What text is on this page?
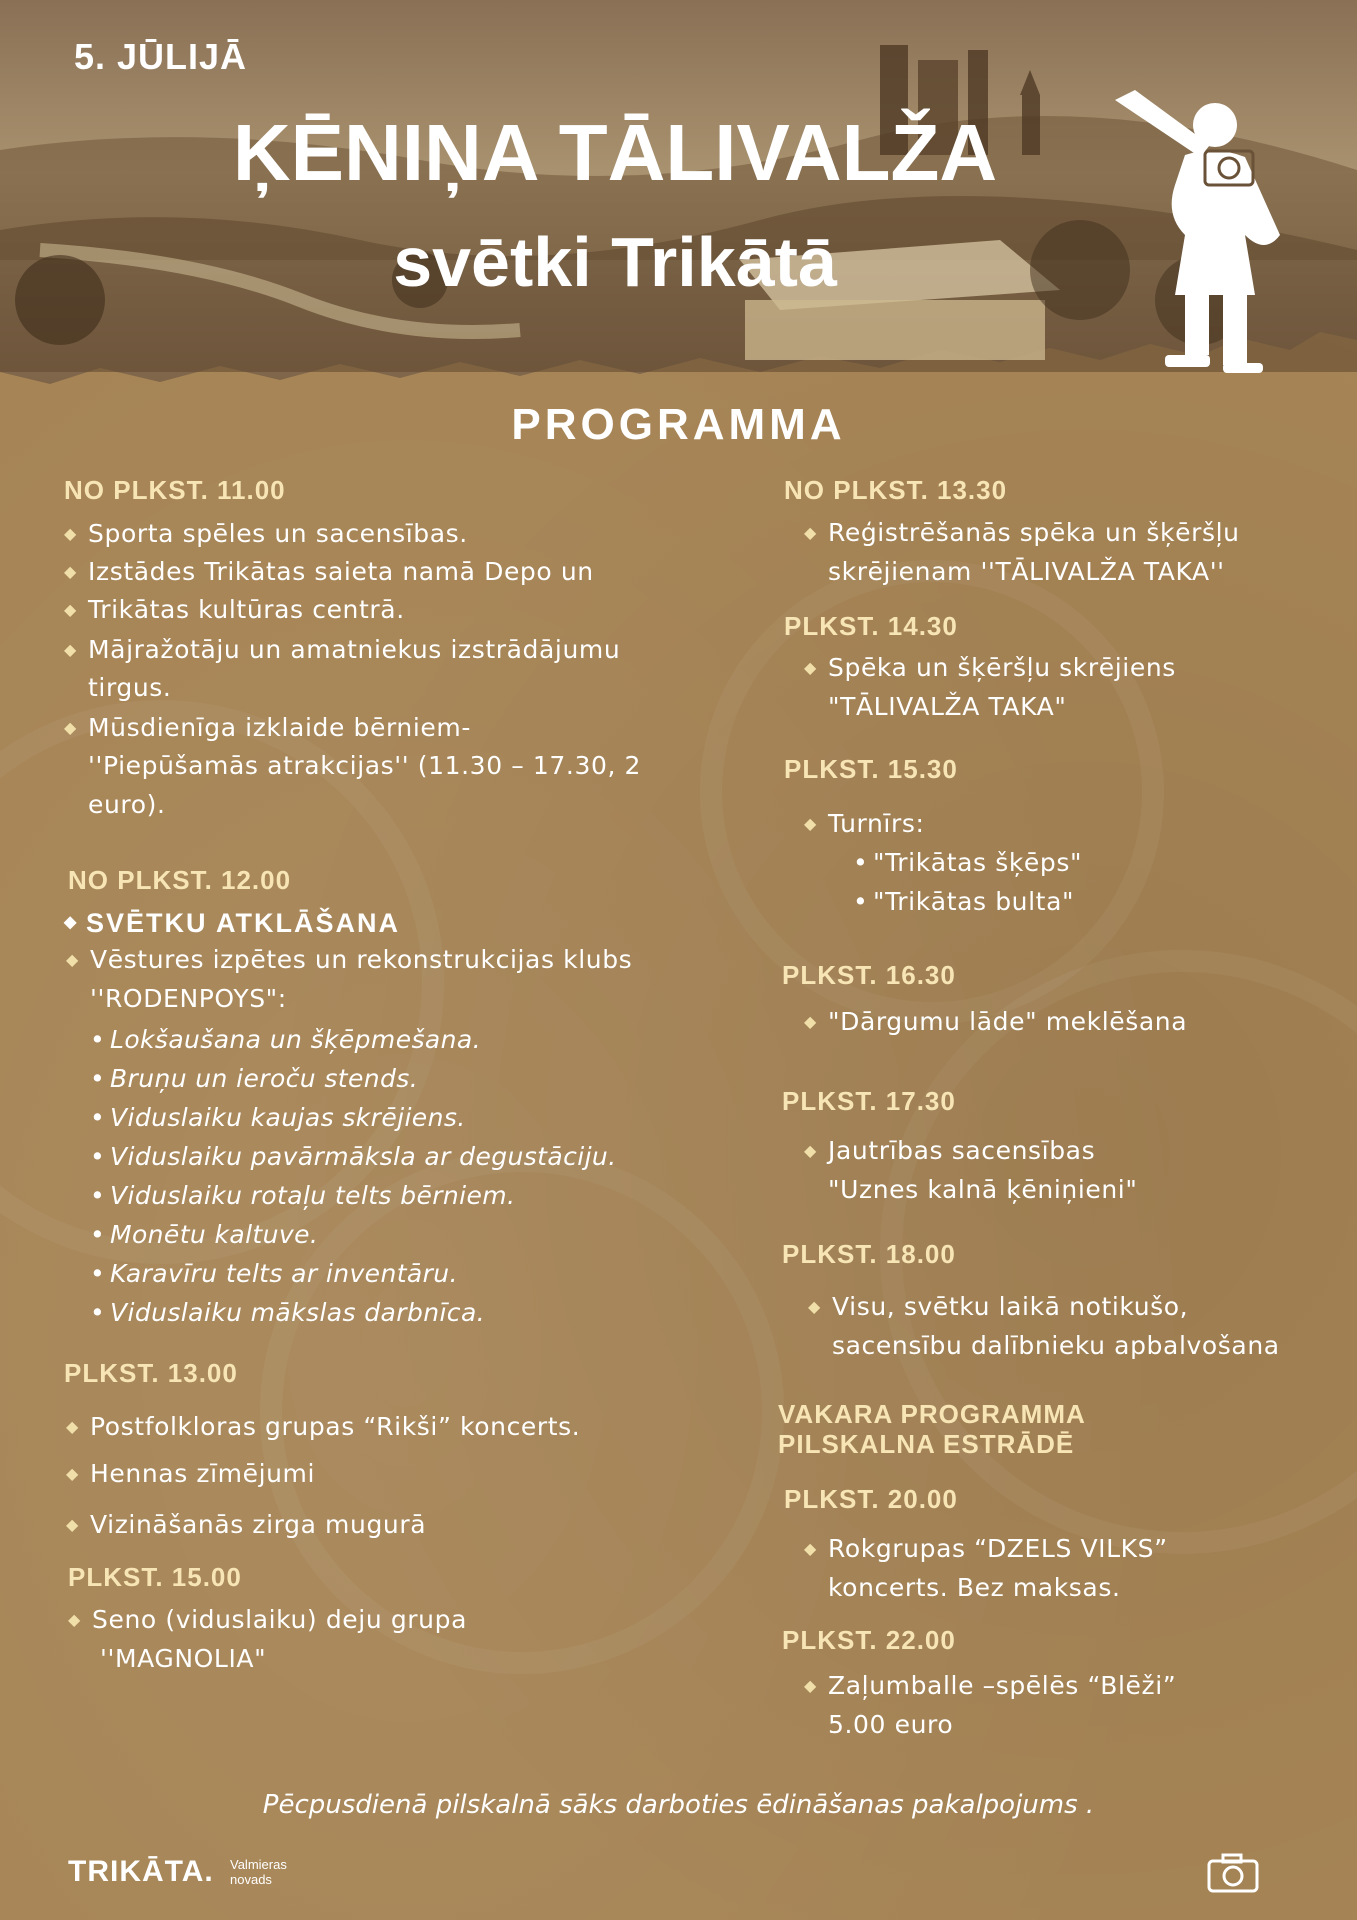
5. JŪLIJĀ
ĶĒNIŅA TĀLIVALŽA
svētki Trikātā
PROGRAMMA
NO PLKST. 11.00
◆ Sporta spēles un sacensības.
◆ Izstādes Trikātas saieta namā Depo un
◆ Trikātas kultūras centrā.
◆ Mājražotāju un amatniekus izstrādājumu
tirgus.
◆ Mūsdienīga izklaide bērniem-
''Piepūšamās atrakcijas'' (11.30 – 17.30, 2
euro).
NO PLKST. 12.00
◆ SVĒTKU ATKLĀŠANA
◆ Vēstures izpētes un rekonstrukcijas klubs
''RODENPOYS":
• Lokšaušana un šķēpmešana.
• Bruņu un ieroču stends.
• Viduslaiku kaujas skrējiens.
• Viduslaiku pavārmāksla ar degustāciju.
• Viduslaiku rotaļu telts bērniem.
• Monētu kaltuve.
• Karavīru telts ar inventāru.
• Viduslaiku mākslas darbnīca.
PLKST. 13.00
◆ Postfolkloras grupas “Rikši” koncerts.
◆ Hennas zīmējumi
◆ Vizināšanās zirga mugurā
PLKST. 15.00
◆ Seno (viduslaiku) deju grupa
''MAGNOLIA"
NO PLKST. 13.30
◆ Reģistrēšanās spēka un šķēršļu
skrējienam ''TĀLIVALŽA TAKA''
PLKST. 14.30
◆ Spēka un šķēršļu skrējiens
"TĀLIVALŽA TAKA"
PLKST. 15.30
◆ Turnīrs:
• "Trikātas šķēps"
• "Trikātas bulta"
PLKST. 16.30
◆ "Dārgumu lāde" meklēšana
PLKST. 17.30
◆ Jautrības sacensības
"Uznes kalnā ķēniņieni"
PLKST. 18.00
◆ Visu, svētku laikā notikušo,
sacensību dalībnieku apbalvošana
VAKARA PROGRAMMA
PILSKALNA ESTRĀDĒ
PLKST. 20.00
◆ Rokgrupas “DZELS VILKS”
koncerts. Bez maksas.
PLKST. 22.00
◆ Zaļumballe –spēlēs “Blēži”
5.00 euro
Pēcpusdienā pilskalnā sāks darboties ēdināšanas pakalpojums .
TRIKĀTA. Valmieras
novads
